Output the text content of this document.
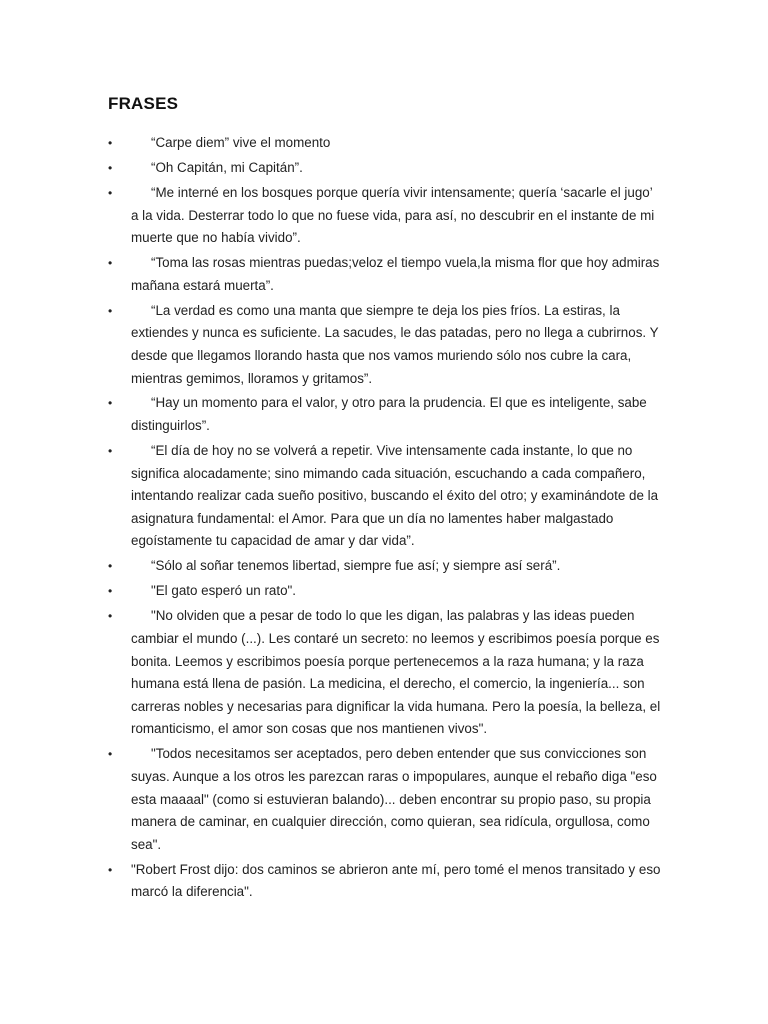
FRASES
•	“Carpe diem” vive el momento
•	“Oh Capitán, mi Capitán”.
•	“Me interné en los bosques porque quería vivir intensamente; quería ‘sacarle el jugo’ a la vida. Desterrar todo lo que no fuese vida, para así, no descubrir en el instante de mi muerte que no había vivido”.
•	“Toma las rosas mientras puedas;veloz el tiempo vuela,la misma flor que hoy admiras mañana estará muerta”.
•	“La verdad es como una manta que siempre te deja los pies fríos. La estiras, la extiendes y nunca es suficiente. La sacudes, le das patadas, pero no llega a cubrirnos. Y desde que llegamos llorando hasta que nos vamos muriendo sólo nos cubre la cara, mientras gemimos, lloramos y gritamos”.
•	“Hay un momento para el valor, y otro para la prudencia. El que es inteligente, sabe distinguirlos”.
•	“El día de hoy no se volverá a repetir. Vive intensamente cada instante, lo que no significa alocadamente; sino mimando cada situación, escuchando a cada compañero, intentando realizar cada sueño positivo, buscando el éxito del otro; y examinándote de la asignatura fundamental: el Amor. Para que un día no lamentes haber malgastado egoístamente tu capacidad de amar y dar vida”.
•	“Sólo al soñar tenemos libertad, siempre fue así; y siempre así será”.
•	"El gato esperó un rato".
•	"No olviden que a pesar de todo lo que les digan, las palabras y las ideas pueden cambiar el mundo (...). Les contaré un secreto: no leemos y escribimos poesía porque es bonita. Leemos y escribimos poesía porque pertenecemos a la raza humana; y la raza humana está llena de pasión. La medicina, el derecho, el comercio, la ingeniería... son carreras nobles y necesarias para dignificar la vida humana. Pero la poesía, la belleza, el romanticismo, el amor son cosas que nos mantienen vivos".
•	"Todos necesitamos ser aceptados, pero deben entender que sus convicciones son suyas. Aunque a los otros les parezcan raras o impopulares, aunque el rebaño diga "eso esta maaaal" (como si estuvieran balando)... deben encontrar su propio paso, su propia manera de caminar, en cualquier dirección, como quieran, sea ridícula, orgullosa, como sea".
• "Robert Frost dijo: dos caminos se abrieron ante mí, pero tomé el menos transitado y eso marcó la diferencia".
